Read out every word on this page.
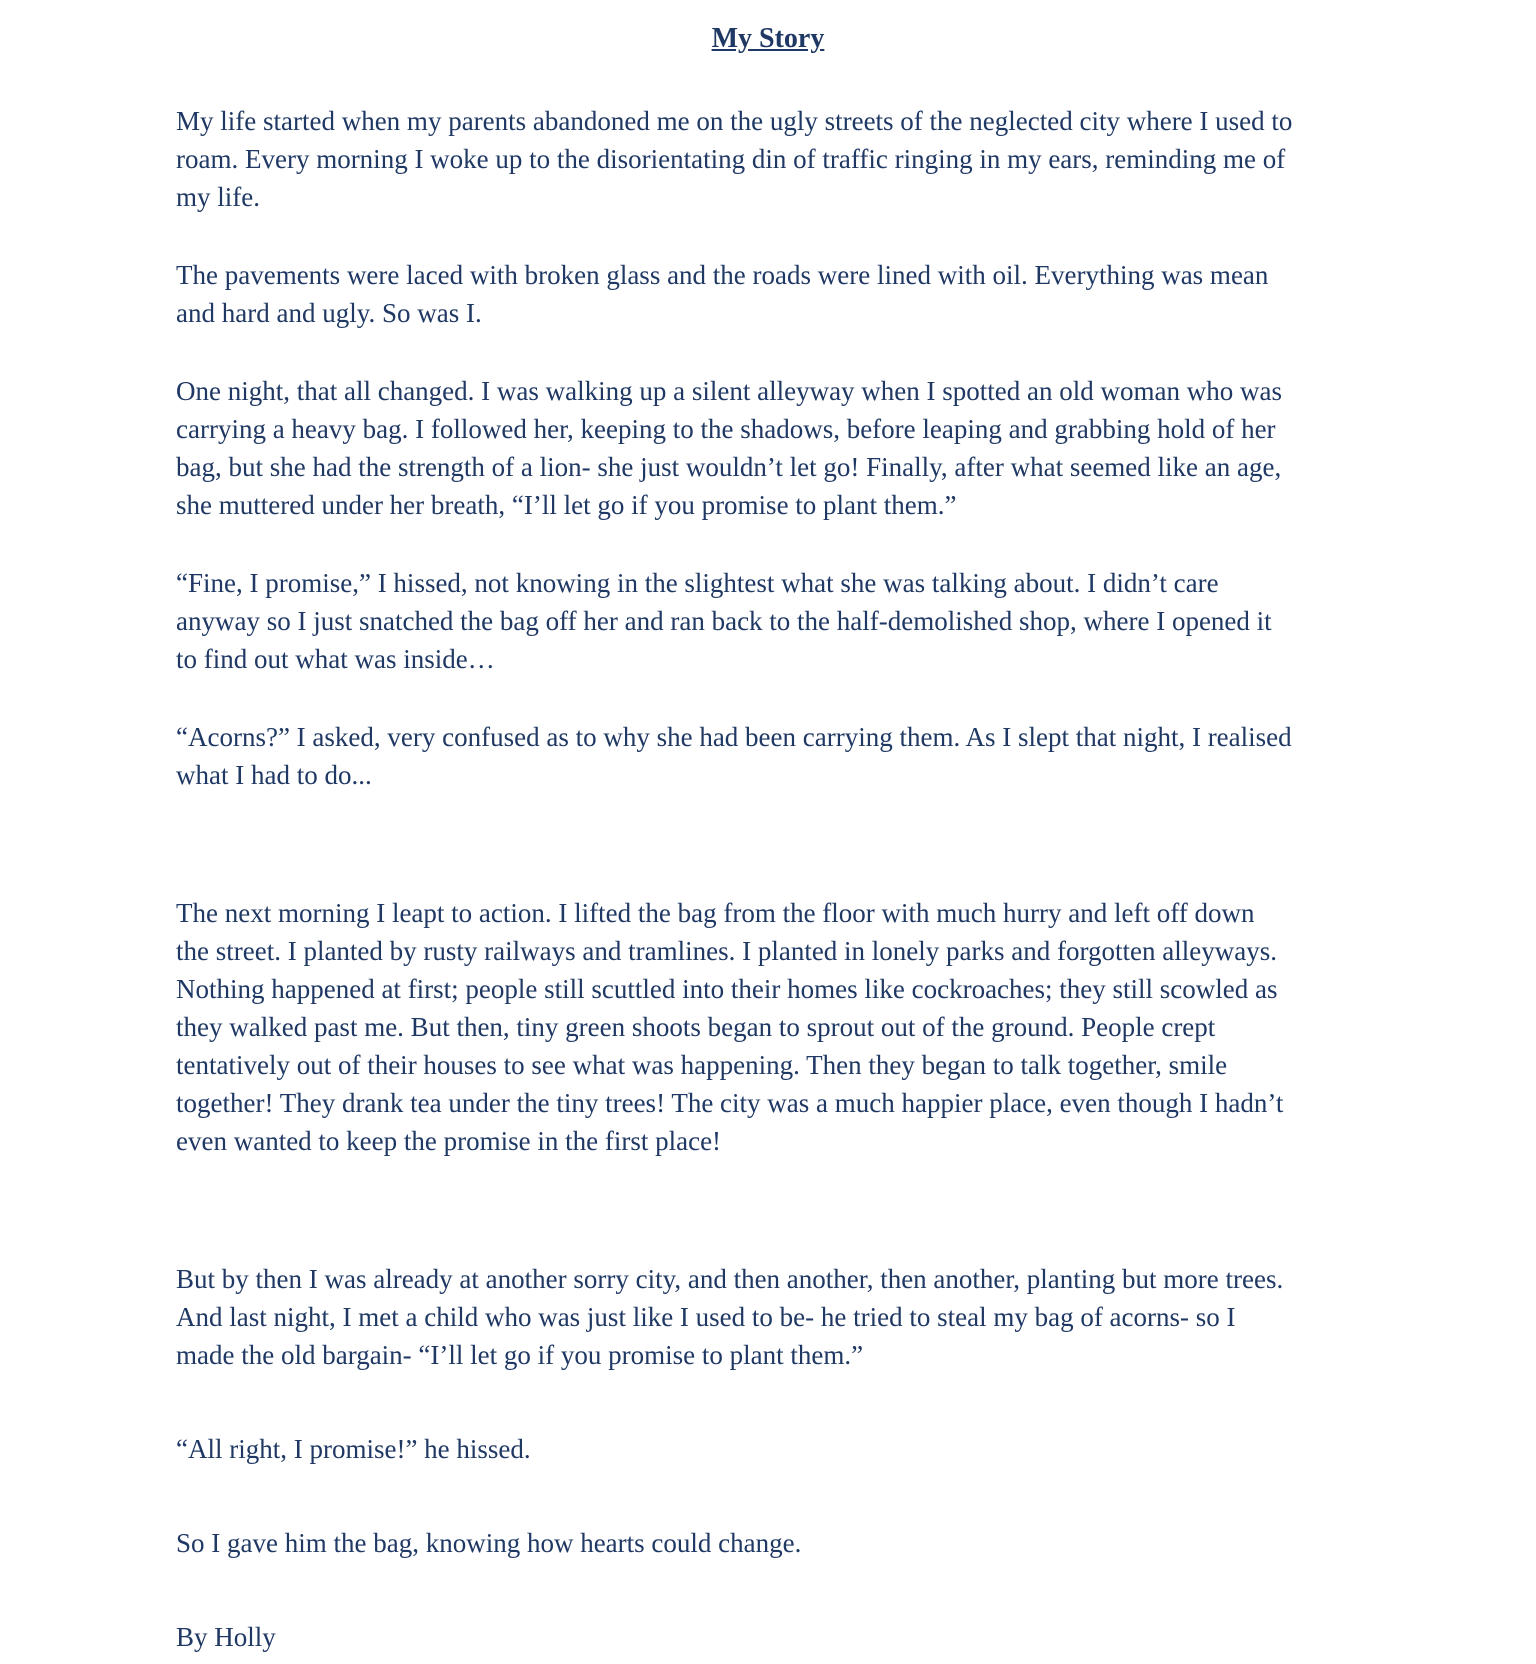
My Story

My life started when my parents abandoned me on the ugly streets of the neglected city where I used to roam. Every morning I woke up to the disorientating din of traffic ringing in my ears, reminding me of my life.

The pavements were laced with broken glass and the roads were lined with oil. Everything was mean and hard and ugly. So was I.

One night, that all changed. I was walking up a silent alleyway when I spotted an old woman who was carrying a heavy bag. I followed her, keeping to the shadows, before leaping and grabbing hold of her bag, but she had the strength of a lion- she just wouldn’t let go! Finally, after what seemed like an age, she muttered under her breath, “I’ll let go if you promise to plant them.”

“Fine, I promise,” I hissed, not knowing in the slightest what she was talking about. I didn’t care anyway so I just snatched the bag off her and ran back to the half-demolished shop, where I opened it to find out what was inside…

“Acorns?” I asked, very confused as to why she had been carrying them. As I slept that night, I realised what I had to do...

The next morning I leapt to action. I lifted the bag from the floor with much hurry and left off down the street. I planted by rusty railways and tramlines. I planted in lonely parks and forgotten alleyways. Nothing happened at first; people still scuttled into their homes like cockroaches; they still scowled as they walked past me. But then, tiny green shoots began to sprout out of the ground. People crept tentatively out of their houses to see what was happening. Then they began to talk together, smile together! They drank tea under the tiny trees! The city was a much happier place, even though I hadn’t even wanted to keep the promise in the first place!

But by then I was already at another sorry city, and then another, then another, planting but more trees. And last night, I met a child who was just like I used to be- he tried to steal my bag of acorns- so I made the old bargain- “I’ll let go if you promise to plant them.”

“All right, I promise!” he hissed.

So I gave him the bag, knowing how hearts could change.

By Holly
